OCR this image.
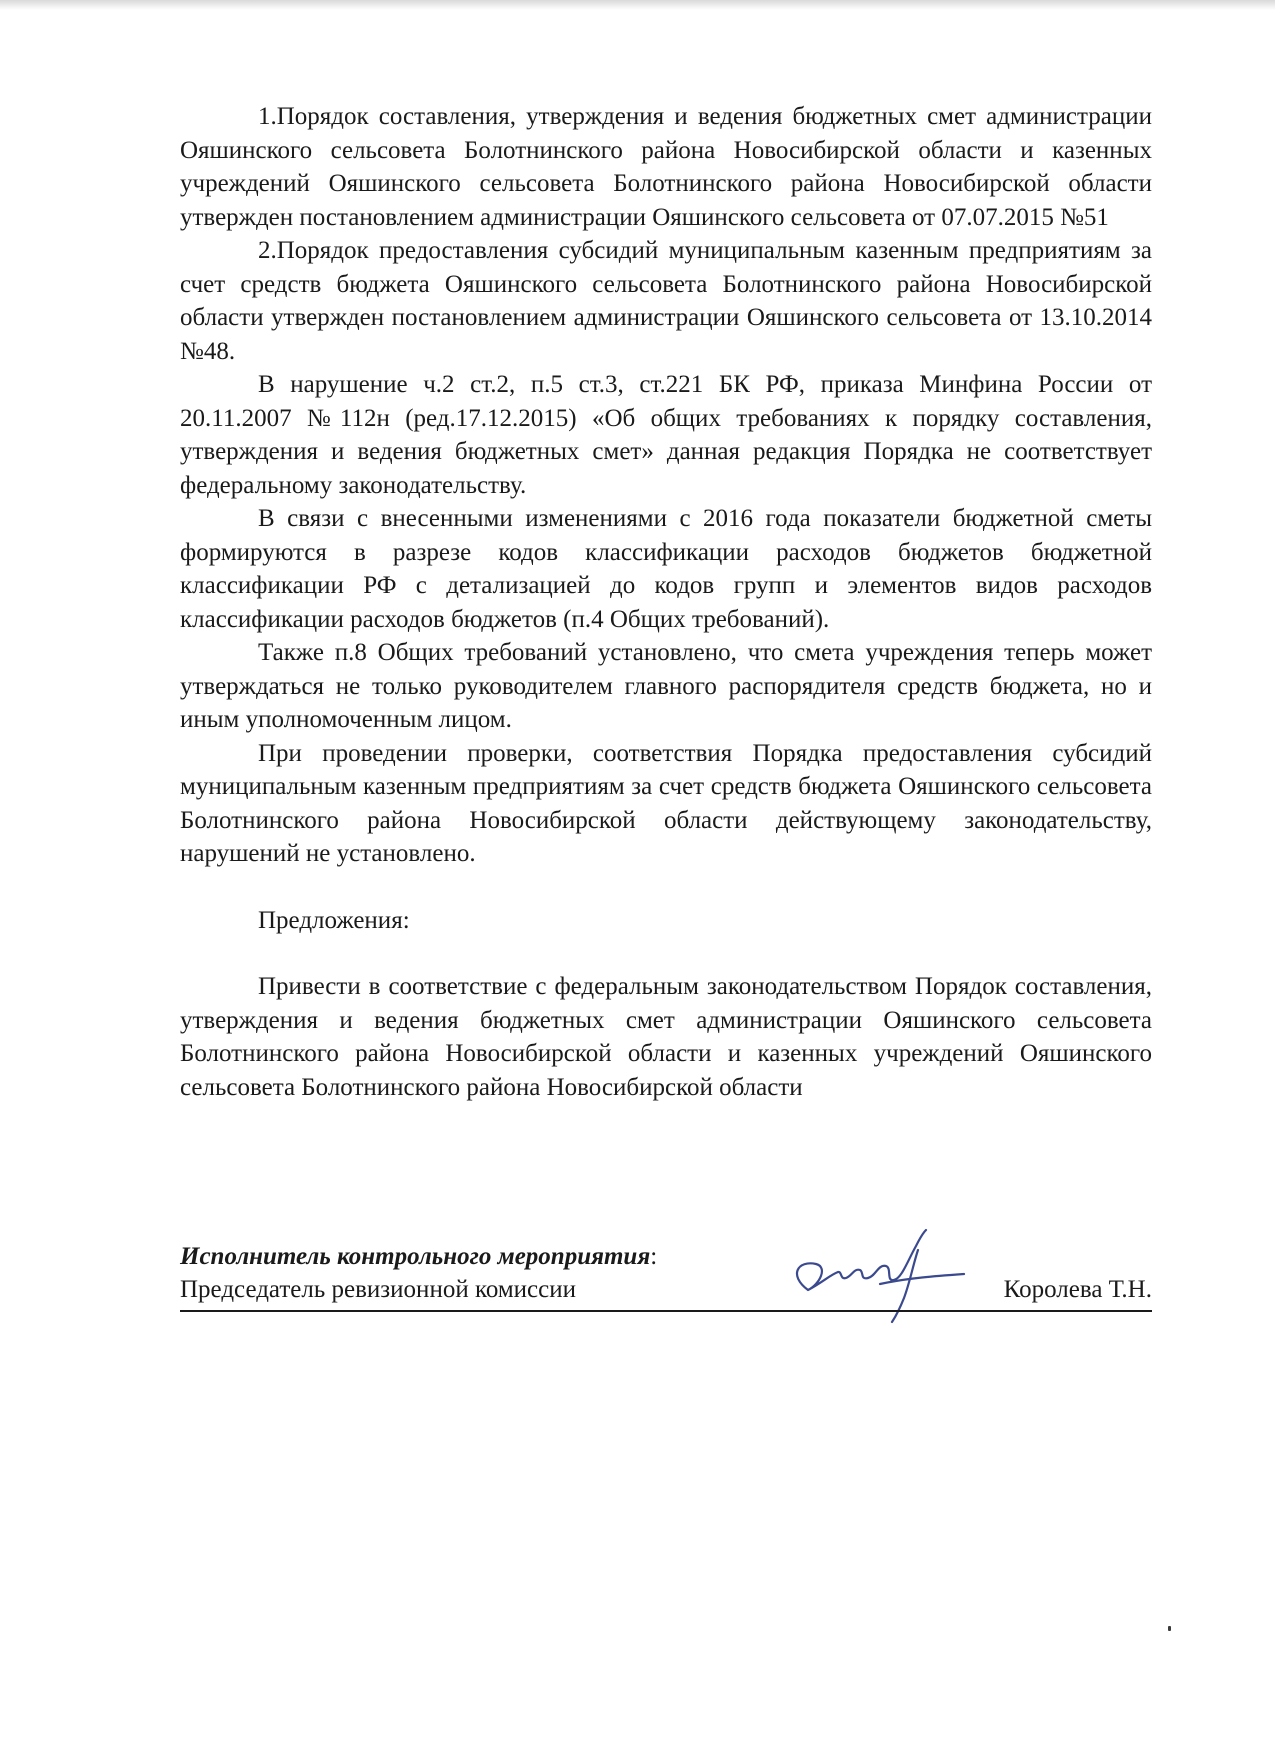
1.Порядок составления, утверждения и ведения бюджетных смет администрации Ояшинского сельсовета Болотнинского района Новосибирской области и казенных учреждений Ояшинского сельсовета Болотнинского района Новосибирской области утвержден постановлением администрации Ояшинского сельсовета от 07.07.2015 №51

2.Порядок предоставления субсидий муниципальным казенным предприятиям за счет средств бюджета Ояшинского сельсовета Болотнинского района Новосибирской области утвержден постановлением администрации Ояшинского сельсовета от 13.10.2014 №48.

В нарушение ч.2 ст.2, п.5 ст.3, ст.221 БК РФ, приказа Минфина России от 20.11.2007 №112н (ред.17.12.2015) «Об общих требованиях к порядку составления, утверждения и ведения бюджетных смет» данная редакция Порядка не соответствует федеральному законодательству.

В связи с внесенными изменениями с 2016 года показатели бюджетной сметы формируются в разрезе кодов классификации расходов бюджетов бюджетной классификации РФ с детализацией до кодов групп и элементов видов расходов классификации расходов бюджетов (п.4 Общих требований).

Также п.8 Общих требований установлено, что смета учреждения теперь может утверждаться не только руководителем главного распорядителя средств бюджета, но и иным уполномоченным лицом.

При проведении проверки, соответствия Порядка предоставления субсидий муниципальным казенным предприятиям за счет средств бюджета Ояшинского сельсовета Болотнинского района Новосибирской области действующему законодательству, нарушений не установлено.

Предложения:

Привести в соответствие с федеральным законодательством Порядок составления, утверждения и ведения бюджетных смет администрации Ояшинского сельсовета Болотнинского района Новосибирской области и казенных учреждений Ояшинского сельсовета Болотнинского района Новосибирской области

Исполнитель контрольного мероприятия:
Председатель ревизионной комиссии	Королева Т.Н.
